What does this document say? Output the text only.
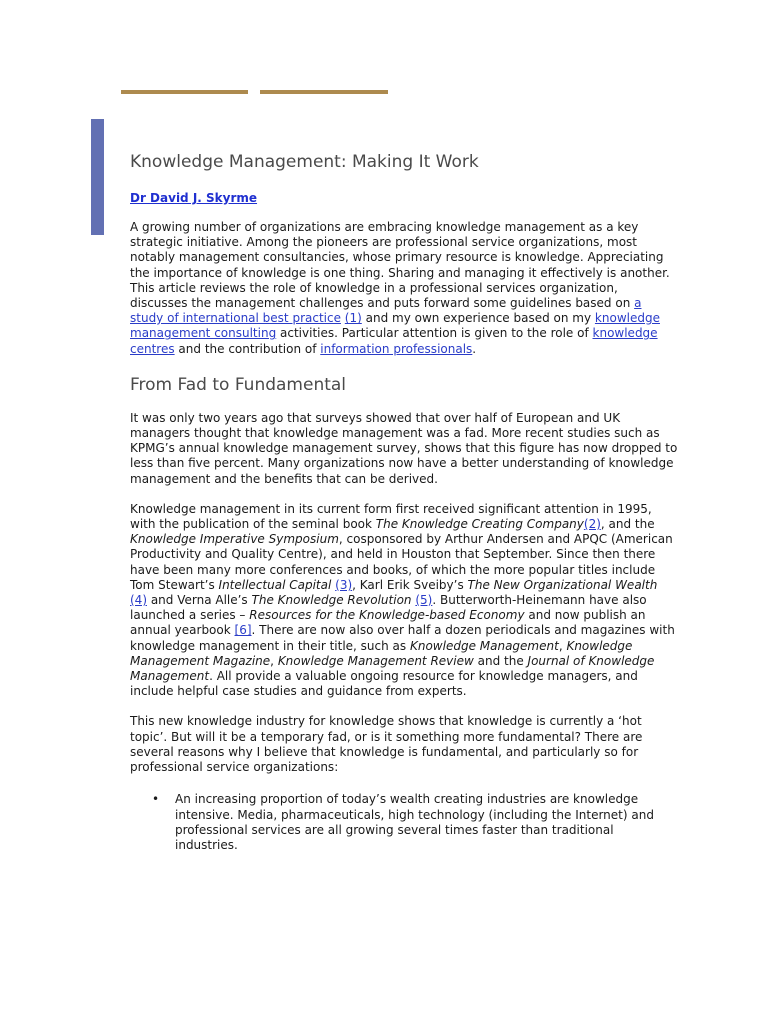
Knowledge Management: Making It Work
Dr David J. Skyrme

A growing number of organizations are embracing knowledge management as a key strategic initiative. Among the pioneers are professional service organizations, most notably management consultancies, whose primary resource is knowledge. Appreciating the importance of knowledge is one thing. Sharing and managing it effectively is another. This article reviews the role of knowledge in a professional services organization, discusses the management challenges and puts forward some guidelines based on a study of international best practice (1) and my own experience based on my knowledge management consulting activities. Particular attention is given to the role of knowledge centres and the contribution of information professionals.

From Fad to Fundamental

It was only two years ago that surveys showed that over half of European and UK managers thought that knowledge management was a fad. More recent studies such as KPMG’s annual knowledge management survey, shows that this figure has now dropped to less than five percent. Many organizations now have a better understanding of knowledge management and the benefits that can be derived.

Knowledge management in its current form first received significant attention in 1995, with the publication of the seminal book The Knowledge Creating Company(2), and the Knowledge Imperative Symposium, cosponsored by Arthur Andersen and APQC (American Productivity and Quality Centre), and held in Houston that September. Since then there have been many more conferences and books, of which the more popular titles include Tom Stewart’s Intellectual Capital (3), Karl Erik Sveiby’s The New Organizational Wealth (4) and Verna Alle’s The Knowledge Revolution (5). Butterworth-Heinemann have also launched a series – Resources for the Knowledge-based Economy and now publish an annual yearbook [6]. There are now also over half a dozen periodicals and magazines with knowledge management in their title, such as Knowledge Management, Knowledge Management Magazine, Knowledge Management Review and the Journal of Knowledge Management. All provide a valuable ongoing resource for knowledge managers, and include helpful case studies and guidance from experts.

This new knowledge industry for knowledge shows that knowledge is currently a ‘hot topic’. But will it be a temporary fad, or is it something more fundamental? There are several reasons why I believe that knowledge is fundamental, and particularly so for professional service organizations:

• An increasing proportion of today’s wealth creating industries are knowledge intensive. Media, pharmaceuticals, high technology (including the Internet) and professional services are all growing several times faster than traditional industries.
